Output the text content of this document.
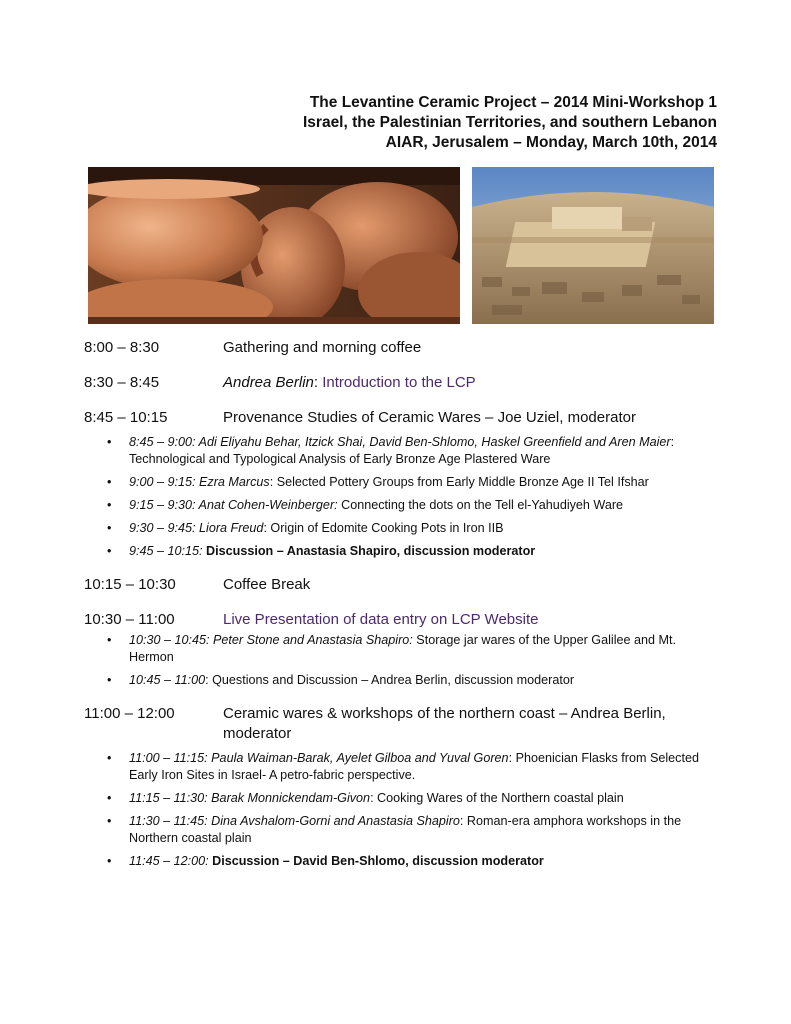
The Levantine Ceramic Project – 2014 Mini-Workshop 1
Israel, the Palestinian Territories, and southern Lebanon
AIAR, Jerusalem – Monday, March 10th, 2014
8:00 – 8:30	Gathering and morning coffee
8:30 – 8:45	Andrea Berlin: Introduction to the LCP
8:45 – 10:15	Provenance Studies of Ceramic Wares – Joe Uziel, moderator
• 8:45 – 9:00: Adi Eliyahu Behar, Itzick Shai, David Ben-Shlomo, Haskel Greenfield and Aren Maier: Technological and Typological Analysis of Early Bronze Age Plastered Ware
• 9:00 – 9:15: Ezra Marcus: Selected Pottery Groups from Early Middle Bronze Age II Tel Ifshar
• 9:15 – 9:30: Anat Cohen-Weinberger: Connecting the dots on the Tell el-Yahudiyeh Ware
• 9:30 – 9:45: Liora Freud: Origin of Edomite Cooking Pots in Iron IIB
• 9:45 – 10:15: Discussion – Anastasia Shapiro, discussion moderator
10:15 – 10:30	Coffee Break
10:30 – 11:00	Live Presentation of data entry on LCP Website
• 10:30 – 10:45: Peter Stone and Anastasia Shapiro: Storage jar wares of the Upper Galilee and Mt. Hermon
• 10:45 – 11:00: Questions and Discussion – Andrea Berlin, discussion moderator
11:00 – 12:00	Ceramic wares & workshops of the northern coast – Andrea Berlin, moderator
• 11:00 – 11:15: Paula Waiman-Barak, Ayelet Gilboa and Yuval Goren: Phoenician Flasks from Selected Early Iron Sites in Israel- A petro-fabric perspective.
• 11:15 – 11:30: Barak Monnickendam-Givon: Cooking Wares of the Northern coastal plain
• 11:30 – 11:45: Dina Avshalom-Gorni and Anastasia Shapiro: Roman-era amphora workshops in the Northern coastal plain
• 11:45 – 12:00: Discussion – David Ben-Shlomo, discussion moderator
